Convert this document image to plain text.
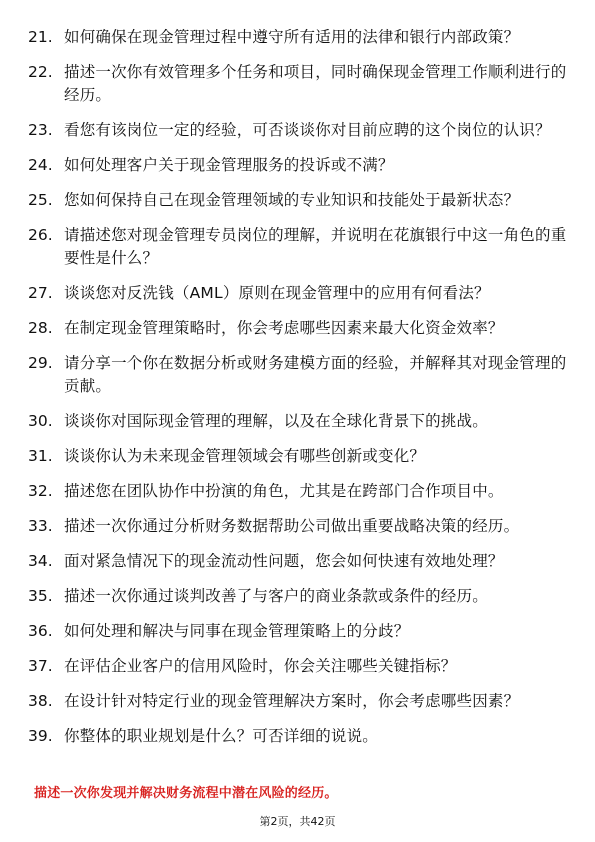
21. 如何确保在现金管理过程中遵守所有适用的法律和银行内部政策？
22. 描述一次你有效管理多个任务和项目，同时确保现金管理工作顺利进行的经历。
23. 看您有该岗位一定的经验，可否谈谈你对目前应聘的这个岗位的认识？
24. 如何处理客户关于现金管理服务的投诉或不满？
25. 您如何保持自己在现金管理领域的专业知识和技能处于最新状态？
26. 请描述您对现金管理专员岗位的理解，并说明在花旗银行中这一角色的重要性是什么？
27. 谈谈您对反洗钱（AML）原则在现金管理中的应用有何看法？
28. 在制定现金管理策略时，你会考虑哪些因素来最大化资金效率？
29. 请分享一个你在数据分析或财务建模方面的经验，并解释其对现金管理的贡献。
30. 谈谈你对国际现金管理的理解，以及在全球化背景下的挑战。
31. 谈谈你认为未来现金管理领域会有哪些创新或变化？
32. 描述您在团队协作中扮演的角色，尤其是在跨部门合作项目中。
33. 描述一次你通过分析财务数据帮助公司做出重要战略决策的经历。
34. 面对紧急情况下的现金流动性问题，您会如何快速有效地处理？
35. 描述一次你通过谈判改善了与客户的商业条款或条件的经历。
36. 如何处理和解决与同事在现金管理策略上的分歧？
37. 在评估企业客户的信用风险时，你会关注哪些关键指标？
38. 在设计针对特定行业的现金管理解决方案时，你会考虑哪些因素？
39. 你整体的职业规划是什么？可否详细的说说。
描述一次你发现并解决财务流程中潜在风险的经历。
第2页，共42页
